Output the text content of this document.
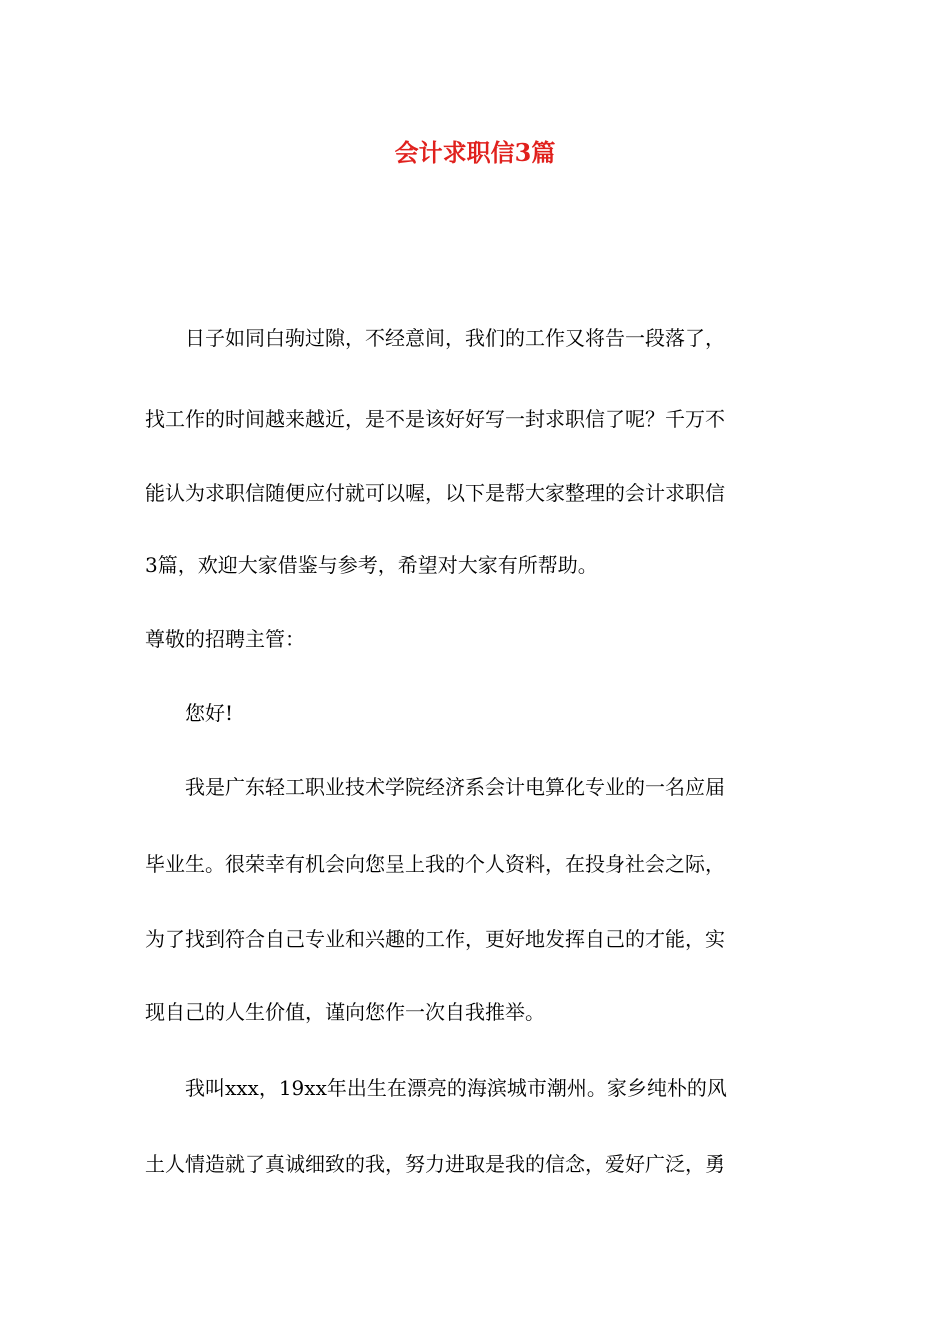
会计求职信3篇
　　日子如同白驹过隙，不经意间，我们的工作又将告一段落了，
找工作的时间越来越近，是不是该好好写一封求职信了呢？千万不
能认为求职信随便应付就可以喔，以下是帮大家整理的会计求职信
3篇，欢迎大家借鉴与参考，希望对大家有所帮助。
尊敬的招聘主管：
　　您好!
　　我是广东轻工职业技术学院经济系会计电算化专业的一名应届
毕业生。很荣幸有机会向您呈上我的个人资料，在投身社会之际，
为了找到符合自己专业和兴趣的工作，更好地发挥自己的才能，实
现自己的人生价值，谨向您作一次自我推举。
　　我叫xxx，19xx年出生在漂亮的海滨城市潮州。家乡纯朴的风
土人情造就了真诚细致的我，努力进取是我的信念，爱好广泛，勇
